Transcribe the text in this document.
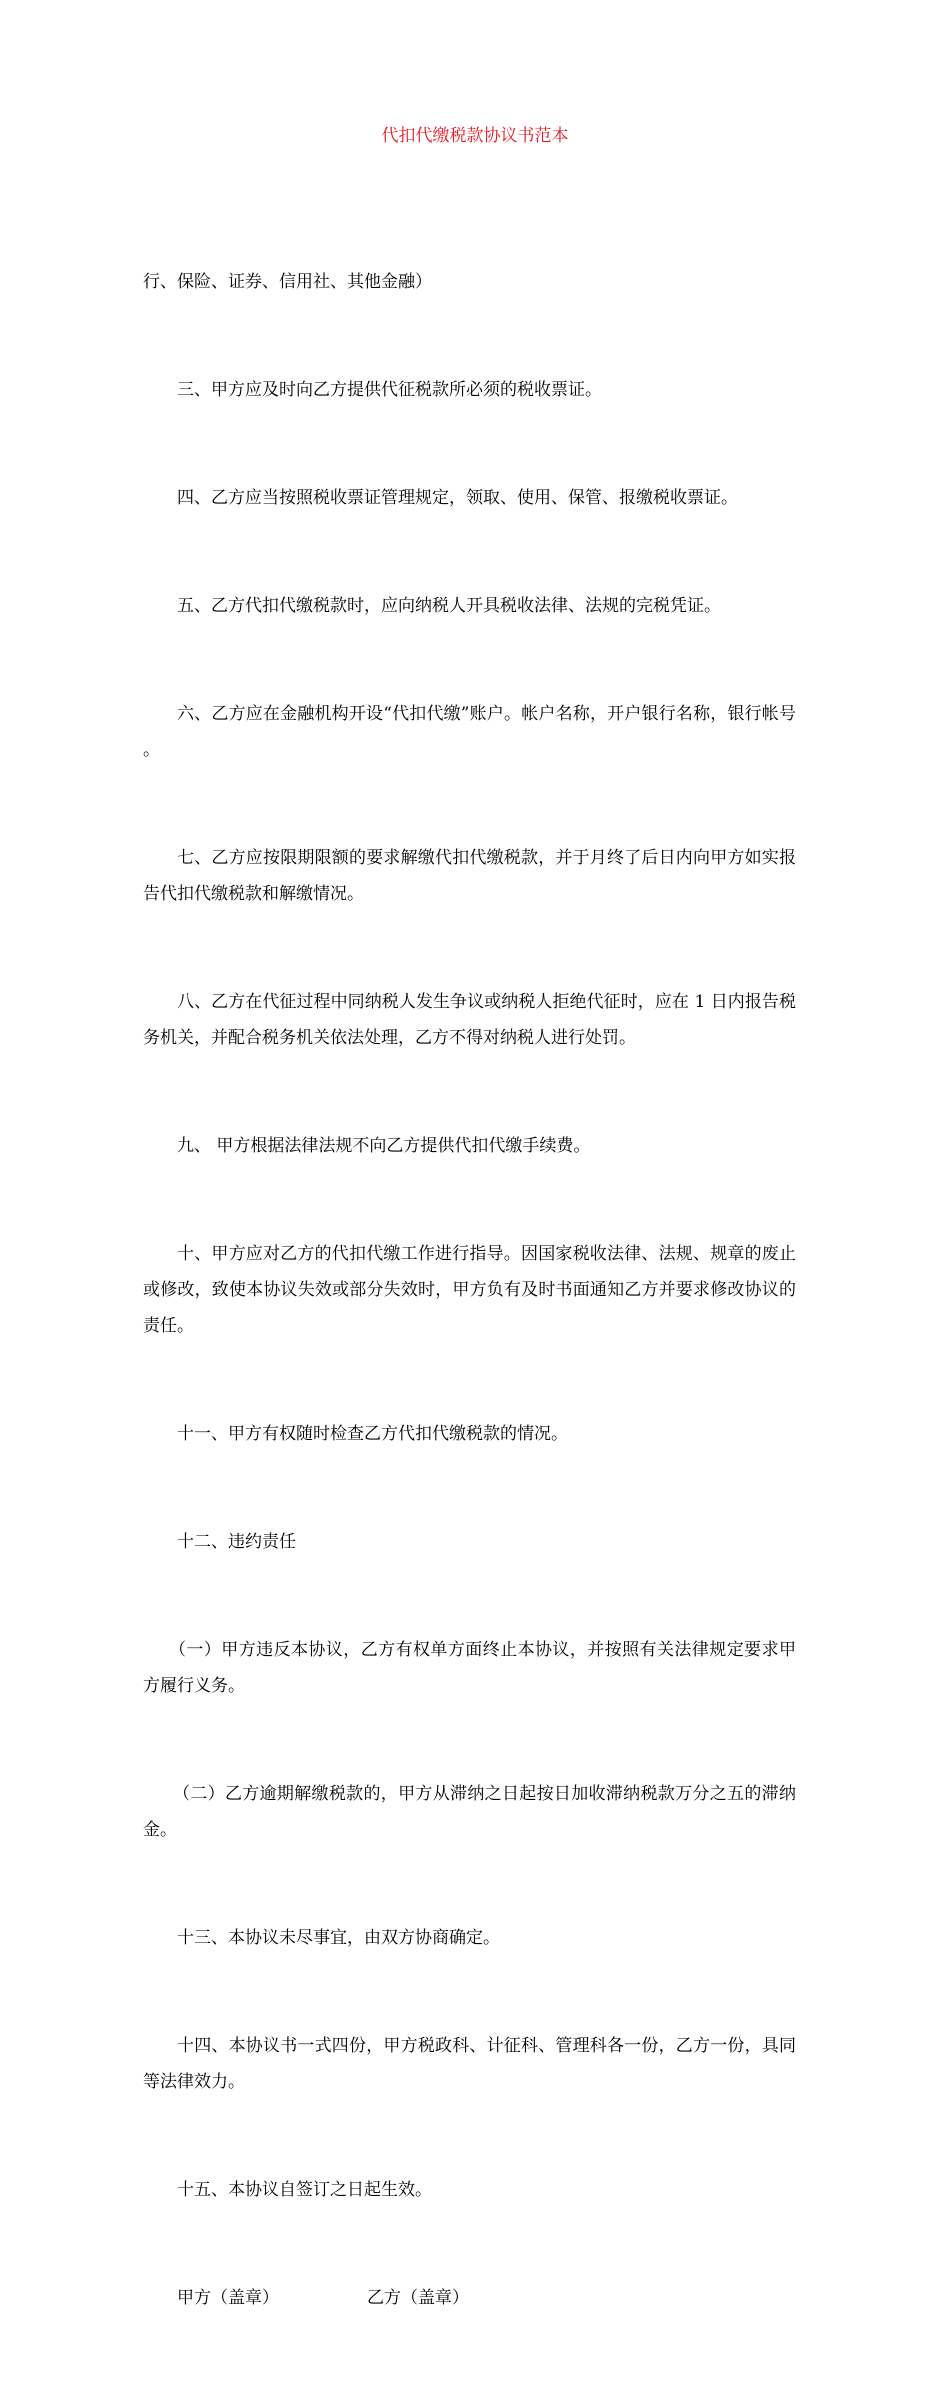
代扣代缴税款协议书范本

行、保险、证券、信用社、其他金融）

三、甲方应及时向乙方提供代征税款所必须的税收票证。

四、乙方应当按照税收票证管理规定，领取、使用、保管、报缴税收票证。

五、乙方代扣代缴税款时，应向纳税人开具税收法律、法规的完税凭证。

六、乙方应在金融机构开设“代扣代缴”账户。帐户名称，开户银行名称，银行帐号 。

七、乙方应按限期限额的要求解缴代扣代缴税款，并于月终了后日内向甲方如实报告代扣代缴税款和解缴情况。

八、乙方在代征过程中同纳税人发生争议或纳税人拒绝代征时，应在 1 日内报告税务机关，并配合税务机关依法处理，乙方不得对纳税人进行处罚。

九、 甲方根据法律法规不向乙方提供代扣代缴手续费。

十、甲方应对乙方的代扣代缴工作进行指导。因国家税收法律、法规、规章的废止或修改，致使本协议失效或部分失效时，甲方负有及时书面通知乙方并要求修改协议的责任。

十一、甲方有权随时检查乙方代扣代缴税款的情况。

十二、违约责任

（一）甲方违反本协议，乙方有权单方面终止本协议，并按照有关法律规定要求甲方履行义务。

（二）乙方逾期解缴税款的，甲方从滞纳之日起按日加收滞纳税款万分之五的滞纳金。

十三、本协议未尽事宜，由双方协商确定。

十四、本协议书一式四份，甲方税政科、计征科、管理科各一份，乙方一份，具同等法律效力。

十五、本协议自签订之日起生效。

甲方（盖章）	乙方（盖章）
